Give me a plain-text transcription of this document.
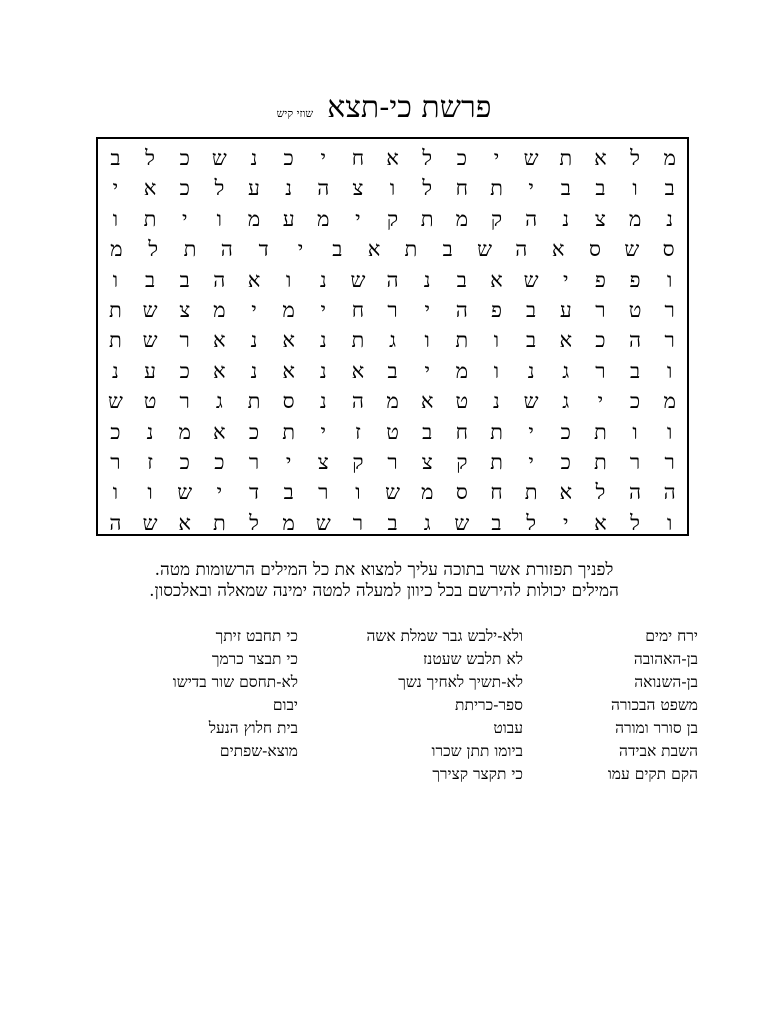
פרשת כי-תצא
שוזי קיש
מ
ל
א
ת
ש
י
כ
ל
א
ח
י
כ
נ
ש
כ
ל
ב
ב
ו
ב
ב
י
ת
ח
ל
ו
צ
ה
נ
ע
ל
כ
א
י
נ
מ
צ
נ
ה
ק
מ
ת
ק
י
מ
ע
מ
ו
י
ת
ו
ס
ש
ס
א
ה
ש
ב
ת
א
ב
י
ד
ה
ת
ל
מ
ו
פ
פ
י
ש
א
ב
נ
ה
ש
נ
ו
א
ה
ב
ב
ו
ר
ט
ר
ע
ב
פ
ה
י
ר
ח
י
מ
י
מ
צ
ש
ת
ר
ה
כ
א
ב
ו
ת
ו
ג
ת
נ
א
נ
א
ר
ש
ת
ו
ב
ר
ג
נ
ו
מ
י
ב
א
נ
א
נ
א
כ
ע
נ
מ
כ
י
ג
ש
נ
ט
א
מ
ה
נ
ס
ת
ג
ר
ט
ש
ו
ו
ת
כ
י
ת
ח
ב
ט
ז
י
ת
כ
א
מ
נ
כ
ר
ר
ת
כ
י
ת
ק
צ
ר
ק
צ
י
ר
כ
כ
ז
ר
ה
ה
ל
א
ת
ח
ס
מ
ש
ו
ר
ב
ד
י
ש
ו
ו
ו
ל
א
י
ל
ב
ש
ג
ב
ר
ש
מ
ל
ת
א
ש
ה
לפניך תפזורת אשר בתוכה עליך למצוא את כל המילים הרשומות מטה.
המילים יכולות להירשם בכל כיוון למעלה למטה ימינה שמאלה ובאלכסון.
ירח ימים
ולא-ילבש גבר שמלת אשה
כי תחבט זיתך
בן-האהובה
לא תלבש שעטנז
כי תבצר כרמך
בן-השנואה
לא-תשיך לאחיך נשך
לא-תחסם שור בדישו
משפט הבכורה
ספר-כריתת
יבום
בן סורר ומורה
עבוט
בית חלוץ הנעל
השבת אבידה
ביומו תתן שכרו
מוצא-שפתים
הקם תקים עמו
כי תקצר קצירך
